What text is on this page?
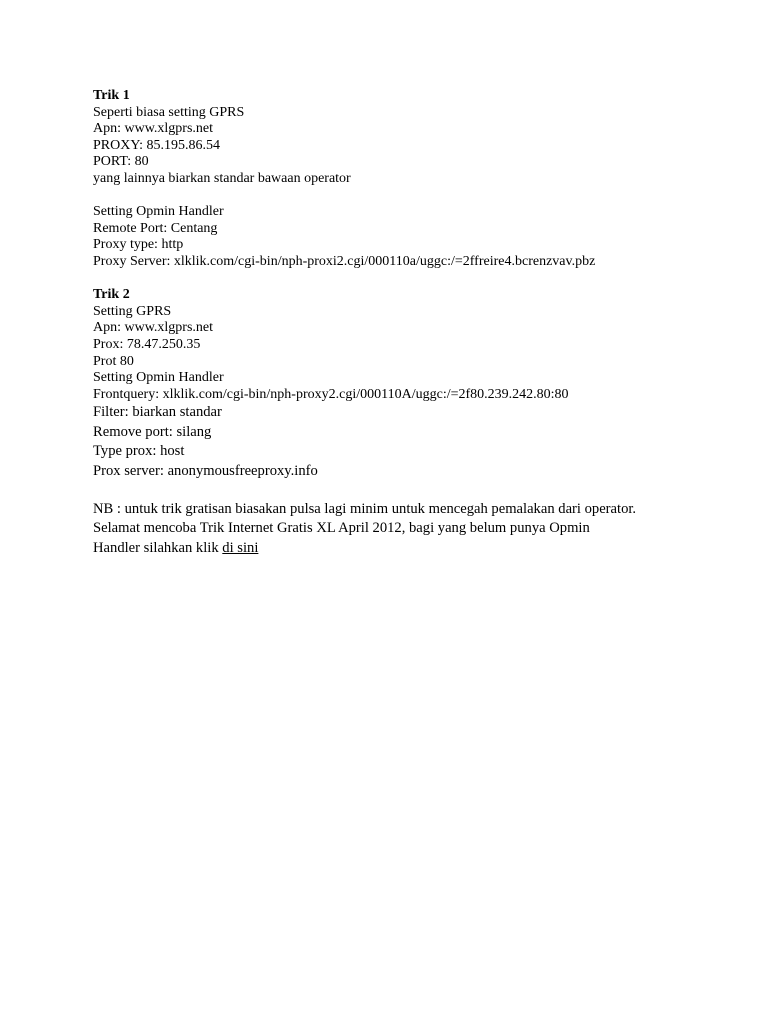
Trik 1
Seperti biasa setting GPRS
Apn: www.xlgprs.net
PROXY: 85.195.86.54
PORT: 80
yang lainnya biarkan standar bawaan operator
Setting Opmin Handler
Remote Port: Centang
Proxy type: http
Proxy Server: xlklik.com/cgi-bin/nph-proxi2.cgi/000110a/uggc:/=2ffreire4.bcrenzvav.pbz
Trik 2
Setting GPRS
Apn: www.xlgprs.net
Prox: 78.47.250.35
Prot 80
Setting Opmin Handler
Frontquery: xlklik.com/cgi-bin/nph-proxy2.cgi/000110A/uggc:/=2f80.239.242.80:80
Filter: biarkan standar
Remove port: silang
Type prox: host
Prox server: anonymousfreeproxy.info
NB : untuk trik gratisan biasakan pulsa lagi minim untuk mencegah pemalakan dari operator.
Selamat mencoba Trik Internet Gratis XL April 2012, bagi yang belum punya Opmin
Handler silahkan klik di sini
